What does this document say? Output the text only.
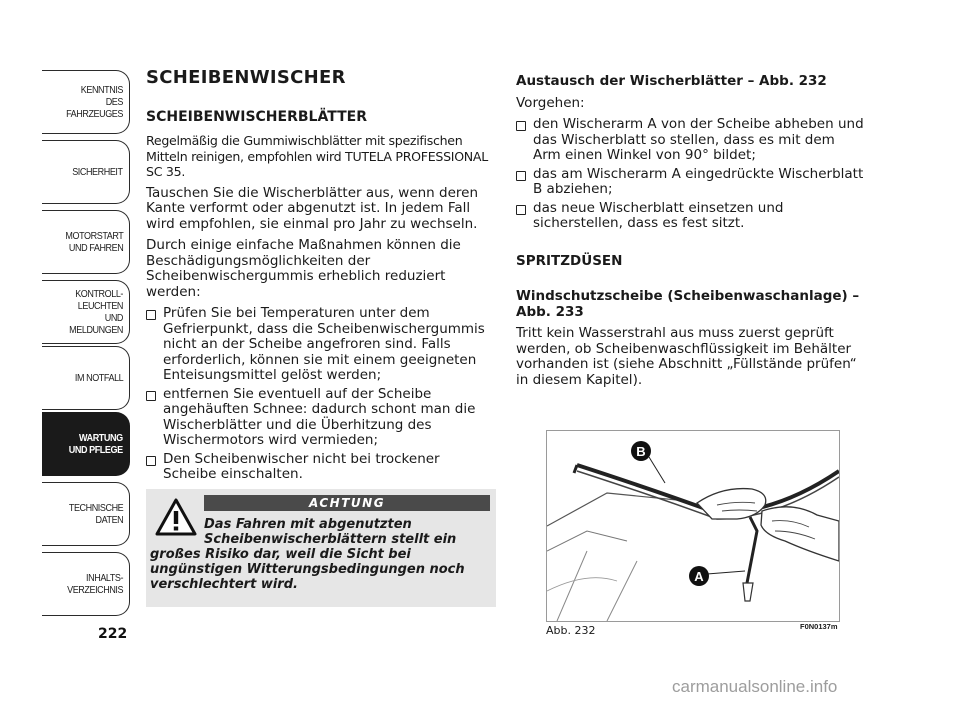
KENNTNIS
DES FAHRZEUGES
SICHERHEIT
MOTORSTART
UND FAHREN
KONTROLL-
LEUCHTEN
UND MELDUNGEN
IM NOTFALL
WARTUNG
UND PFLEGE
TECHNISCHE
DATEN
INHALTS-
VERZEICHNIS
222
SCHEIBENWISCHER
SCHEIBENWISCHERBLÄTTER

Regelmäßig die Gummiwischblätter mit spezifischen Mitteln reinigen, empfohlen wird TUTELA PROFESSIONAL SC 35.

Tauschen Sie die Wischerblätter aus, wenn deren Kante verformt oder abgenutzt ist. In jedem Fall wird empfohlen, sie einmal pro Jahr zu wechseln.

Durch einige einfache Maßnahmen können die Beschädigungsmöglichkeiten der Scheibenwischergummis erheblich reduziert werden:

Prüfen Sie bei Temperaturen unter dem Gefrierpunkt, dass die Scheibenwischergummis nicht an der Scheibe angefroren sind. Falls erforderlich, können sie mit einem geeigneten Enteisungsmittel gelöst werden;
entfernen Sie eventuell auf der Scheibe angehäuften Schnee: dadurch schont man die Wischerblätter und die Überhitzung des Wischermotors wird vermieden;
Den Scheibenwischer nicht bei trockener Scheibe einschalten.
ACHTUNG
Das Fahren mit abgenutzten Scheibenwischerblättern stellt ein
großes Risiko dar, weil die Sicht bei ungünstigen Witterungsbedingungen noch verschlechtert wird.

Austausch der Wischerblätter – Abb. 232

Vorgehen:

den Wischerarm A von der Scheibe abheben und das Wischerblatt so stellen, dass es mit dem Arm einen Winkel von 90° bildet;
das am Wischerarm A eingedrückte Wischerblatt B abziehen;
das neue Wischerblatt einsetzen und sicherstellen, dass es fest sitzt.

SPRITZDÜSEN

Windschutzscheibe (Scheibenwaschanlage) – Abb. 233

Tritt kein Wasserstrahl aus muss zuerst geprüft werden, ob Scheibenwaschflüssigkeit im Behälter vorhanden ist (siehe Abschnitt „Füllstände prüfen“ in diesem Kapitel).

B
A
F0N0137m
Abb. 232
carmanualsonline.info
